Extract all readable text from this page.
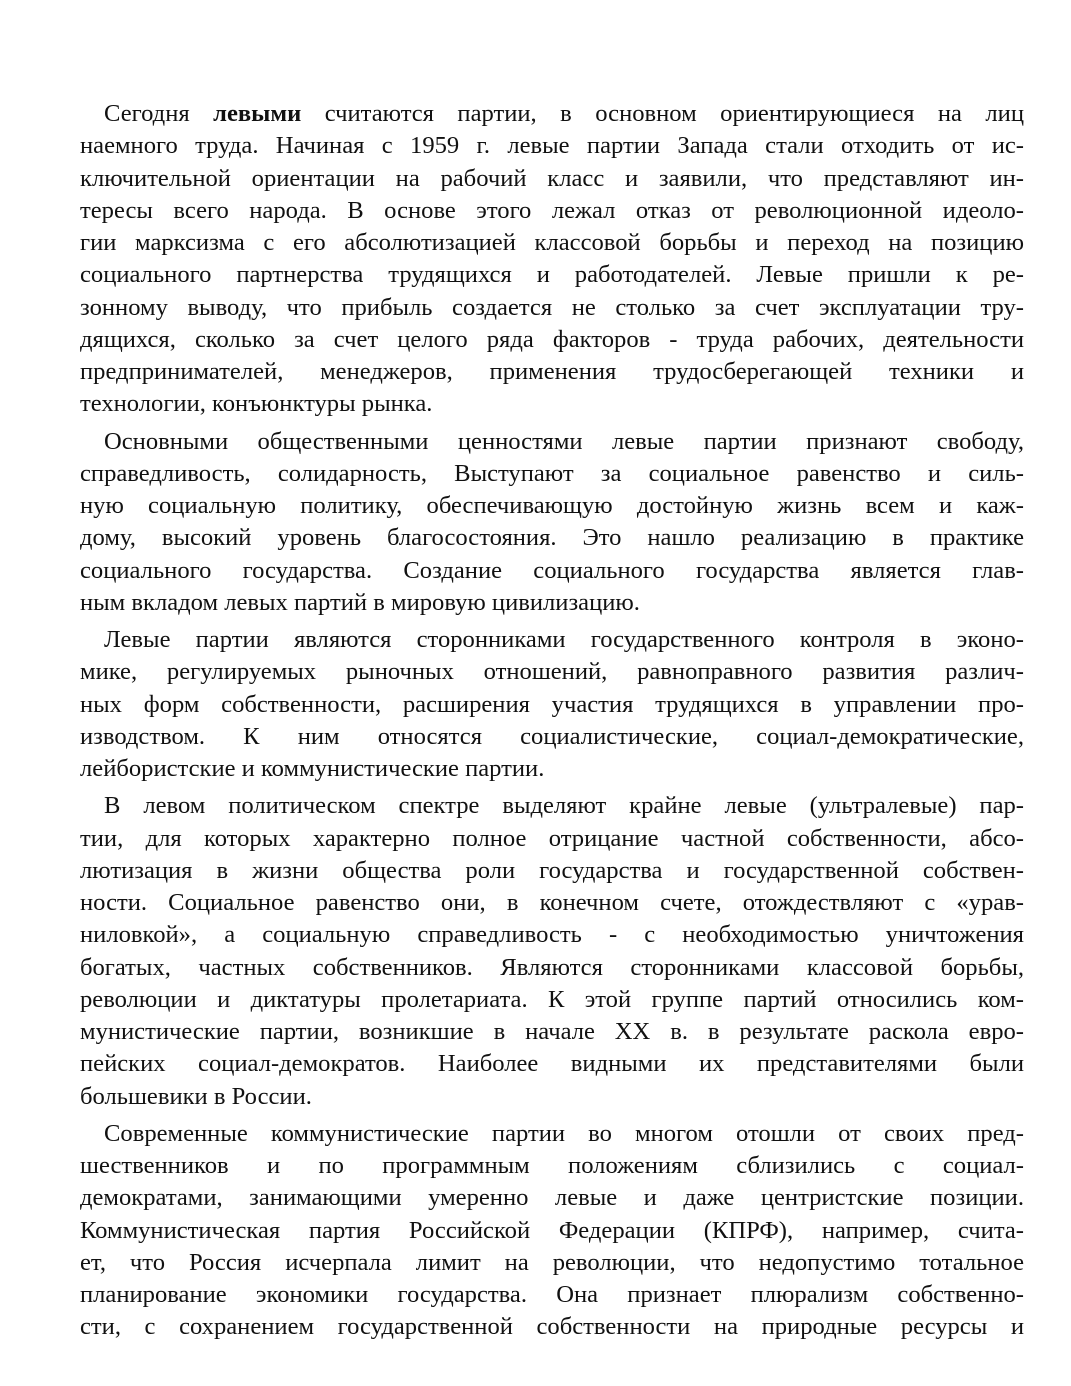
Сегодня левыми считаются партии, в основном ориентирующиеся на лиц
наемного труда. Начиная с 1959 г. левые партии Запада стали отходить от ис-
ключительной ориентации на рабочий класс и заявили, что представляют ин-
тересы всего народа. В основе этого лежал отказ от революционной идеоло-
гии марксизма с его абсолютизацией классовой борьбы и переход на позицию
социального партнерства трудящихся и работодателей. Левые пришли к ре-
зонному выводу, что прибыль создается не столько за счет эксплуатации тру-
дящихся, сколько за счет целого ряда факторов - труда рабочих, деятельности
предпринимателей, менеджеров, применения трудосберегающей техники и
технологии, конъюнктуры рынка.
Основными общественными ценностями левые партии признают свободу,
справедливость, солидарность, Выступают за социальное равенство и силь-
ную социальную политику, обеспечивающую достойную жизнь всем и каж-
дому, высокий уровень благосостояния. Это нашло реализацию в практике
социального государства. Создание социального государства является глав-
ным вкладом левых партий в мировую цивилизацию.
Левые партии являются сторонниками государственного контроля в эконо-
мике, регулируемых рыночных отношений, равноправного развития различ-
ных форм собственности, расширения участия трудящихся в управлении про-
изводством. К ним относятся социалистические, социал-демократические,
лейбористские и коммунистические партии.
В левом политическом спектре выделяют крайне левые (ультралевые) пар-
тии, для которых характерно полное отрицание частной собственности, абсо-
лютизация в жизни общества роли государства и государственной собствен-
ности. Социальное равенство они, в конечном счете, отождествляют с «урав-
ниловкой», а социальную справедливость - с необходимостью уничтожения
богатых, частных собственников. Являются сторонниками классовой борьбы,
революции и диктатуры пролетариата. К этой группе партий относились ком-
мунистические партии, возникшие в начале XX в. в результате раскола евро-
пейских социал-демократов. Наиболее видными их представителями были
большевики в России.
Современные коммунистические партии во многом отошли от своих пред-
шественников и по программным положениям сблизились с социал-
демократами, занимающими умеренно левые и даже центристские позиции.
Коммунистическая партия Российской Федерации (КПРФ), например, счита-
ет, что Россия исчерпала лимит на революции, что недопустимо тотальное
планирование экономики государства. Она признает плюрализм собственно-
сти, с сохранением государственной собственности на природные ресурсы и
